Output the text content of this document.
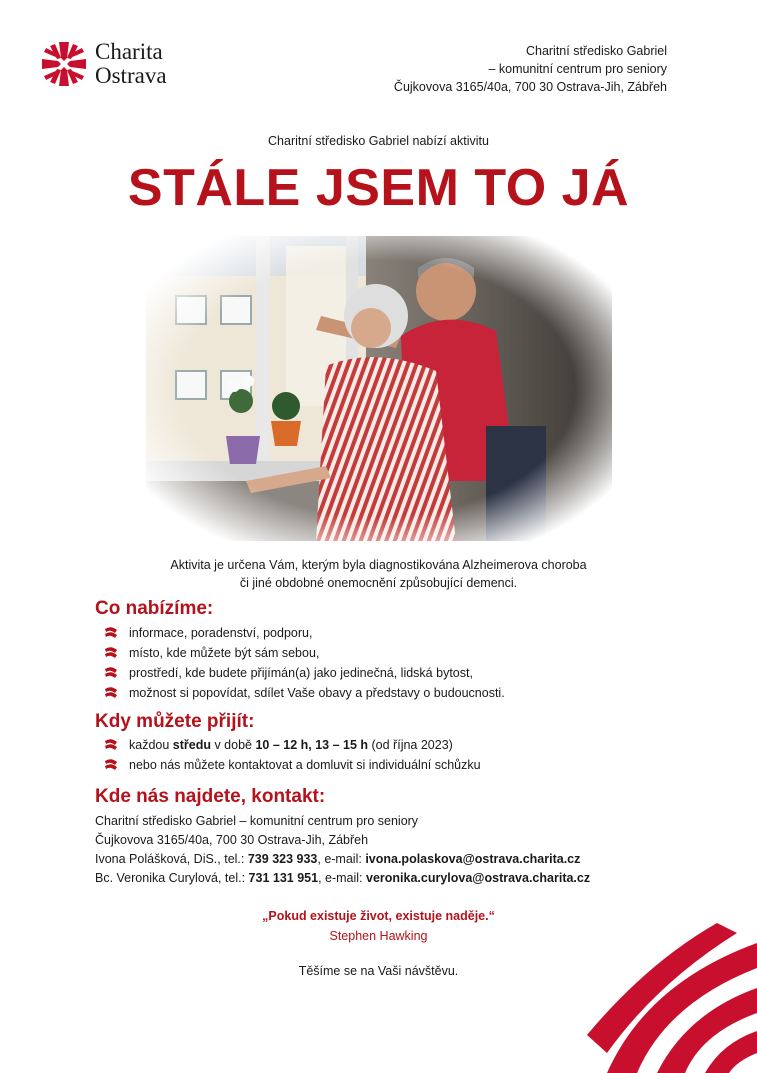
Charita
Ostrava
Charitní středisko Gabriel
– komunitní centrum pro seniory
Čujkovova 3165/40a, 700 30 Ostrava-Jih, Zábřeh
Charitní středisko Gabriel nabízí aktivitu
STÁLE JSEM TO JÁ
Aktivita je určena Vám, kterým byla diagnostikována Alzheimerova choroba
či jiné obdobné onemocnění způsobující demenci.
Co nabízíme:
informace, poradenství, podporu,
místo, kde můžete být sám sebou,
prostředí, kde budete přijímán(a) jako jedinečná, lidská bytost,
možnost si popovídat, sdílet Vaše obavy a představy o budoucnosti.
Kdy můžete přijít:
každou středu v době 10 – 12 h, 13 – 15 h (od října 2023)
nebo nás můžete kontaktovat a domluvit si individuální schůzku
Kde nás najdete, kontakt:
Charitní středisko Gabriel – komunitní centrum pro seniory
Čujkovova 3165/40a, 700 30 Ostrava-Jih, Zábřeh
Ivona Polášková, DiS., tel.: 739 323 933, e-mail: ivona.polaskova@ostrava.charita.cz
Bc. Veronika Curylová, tel.: 731 131 951, e-mail: veronika.curylova@ostrava.charita.cz
„Pokud existuje život, existuje naděje.“
Stephen Hawking
Těšíme se na Vaši návštěvu.
